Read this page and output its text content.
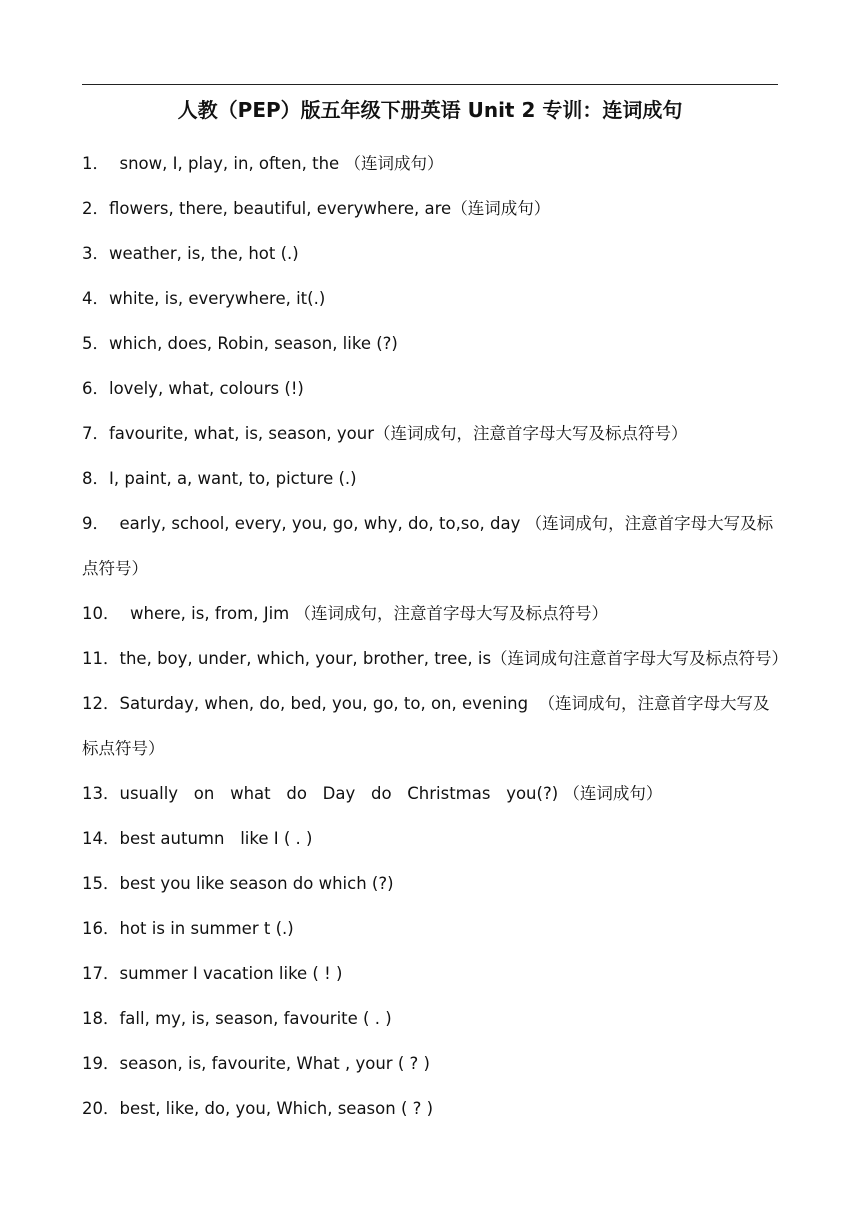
人教（PEP）版五年级下册英语 Unit 2 专训：连词成句
1．  snow, I, play, in, often, the （连词成句）
2．flowers, there, beautiful, everywhere, are（连词成句）
3．weather, is, the, hot (.)
4．white, is, everywhere, it(.)
5．which, does, Robin, season, like (?)
6．lovely, what, colours (!)
7．favourite, what, is, season, your（连词成句，注意首字母大写及标点符号）
8．I, paint, a, want, to, picture (.)
9．  early, school, every, you, go, why, do, to,so, day （连词成句，注意首字母大写及标
点符号）
10．  where, is, from, Jim （连词成句，注意首字母大写及标点符号）
11．the, boy, under, which, your, brother, tree, is（连词成句注意首字母大写及标点符号）
12．Saturday, when, do, bed, you, go, to, on, evening  （连词成句，注意首字母大写及
标点符号）
13．usually   on   what   do   Day   do   Christmas   you(?) （连词成句）
14．best autumn   like I ( . )
15．best you like season do which (?)
16．hot is in summer t (.)
17．summer I vacation like ( ! )
18．fall, my, is, season, favourite ( . )
19．season, is, favourite, What , your ( ? )
20．best, like, do, you, Which, season ( ? )
